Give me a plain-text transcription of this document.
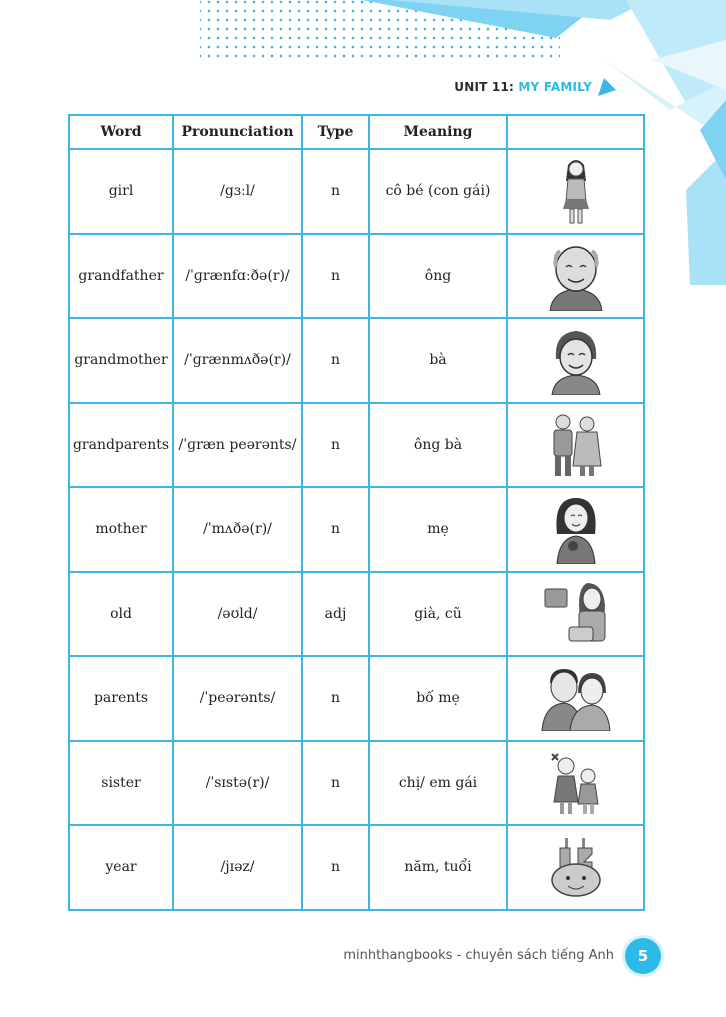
UNIT 11: MY FAMILY
Word	Pronunciation	Type	Meaning	
girl	/gɜːl/	n	cô bé (con gái)	

grandfather	/ˈɡrænfɑːðə(r)/	n	ông	

grandmother	/ˈɡrænmʌðə(r)/	n	bà	

grandparents	/ˈɡræn peərənts/	n	ông bà	

mother	/ˈmʌðə(r)/	n	mẹ	

old	/əʊld/	adj	già, cũ	

parents	/ˈpeərənts/	n	bố mẹ	

sister	/ˈsɪstə(r)/	n	chị/ em gái	

year	/jɪəz/	n	năm, tuổi	
minhthangbooks - chuyên sách tiếng Anh	5
